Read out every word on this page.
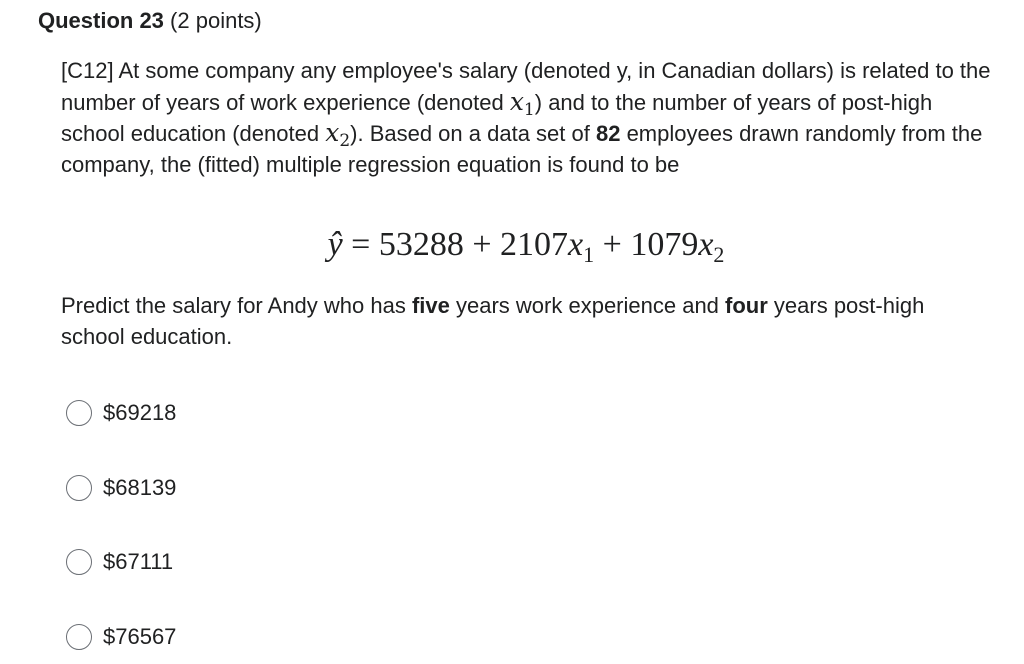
Question 23 (2 points)

[C12] At some company any employee's salary (denoted y, in Canadian dollars) is related to the number of years of work experience (denoted $x_1$) and to the number of years of post-high school education (denoted $x_2$). Based on a data set of 82 employees drawn randomly from the company, the (fitted) multiple regression equation is found to be

ŷ = $53288 + 2107x_1 + 1079x_2$
Predict the salary for Andy who has five years work experience and four years post-high school education.
$69218
$68139
$67111
$76567
